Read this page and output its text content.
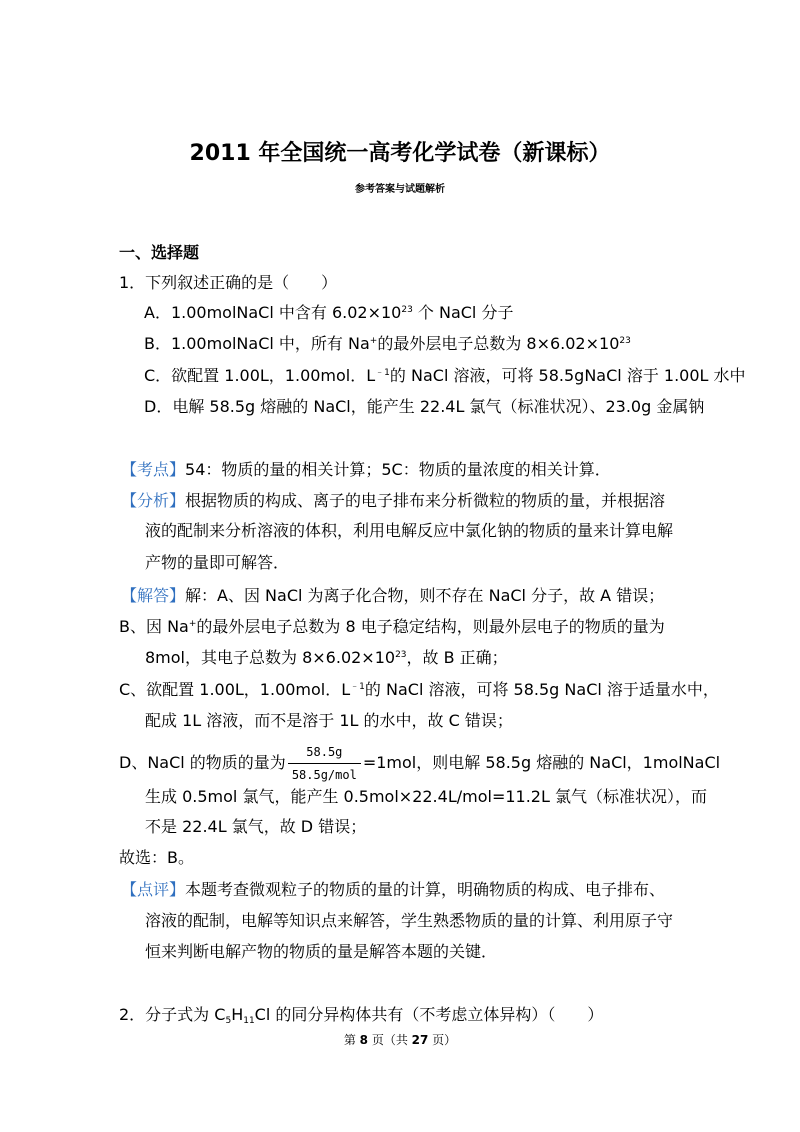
2011 年全国统一高考化学试卷（新课标）
参考答案与试题解析
一、选择题
1．下列叙述正确的是（　　）
A．1.00molNaCl 中含有 $6.02\times 10^{23}$ 个 NaCl 分子
B．1.00molNaCl 中，所有 Na+的最外层电子总数为 $8\times 6.02\times 10^{23}$
C．欲配置 1.00L，1.00mol．$L^{﹣1}$的 NaCl 溶液，可将 58.5gNaCl 溶于 1.00L 水中
D．电解 58.5g 熔融的 NaCl，能产生 22.4L 氯气（标准状况）、23.0g 金属钠
【考点】54：物质的量的相关计算；5C：物质的量浓度的相关计算．
【分析】根据物质的构成、离子的电子排布来分析微粒的物质的量，并根据溶
液的配制来分析溶液的体积，利用电解反应中氯化钠的物质的量来计算电解
产物的量即可解答．
【解答】解：A、因 NaCl 为离子化合物，则不存在 NaCl 分子，故 A 错误；
B、因 Na+的最外层电子总数为 8 电子稳定结构，则最外层电子的物质的量为
8mol，其电子总数为 $8\times 6.02\times 10^{23}$，故 B 正确；
C、欲配置 1.00L，1.00mol．$L^{﹣1}$的 NaCl 溶液，可将 58.5g NaCl 溶于适量水中，
配成 1L 溶液，而不是溶于 1L 的水中，故 C 错误；
D、NaCl 的物质的量为 $\frac{58.5g}{\text{58.5g/mol}} =1mol$，则电解 58.5g 熔融的 NaCl，1molNaCl
生成 0.5mol 氯气，能产生 0.5mol×22.4L/mol=11.2L 氯气（标准状况），而
不是 22.4L 氯气，故 D 错误；
故选：B。
【点评】本题考查微观粒子的物质的量的计算，明确物质的构成、电子排布、
溶液的配制，电解等知识点来解答，学生熟悉物质的量的计算、利用原子守
恒来判断电解产物的物质的量是解答本题的关键．
2．分子式为 $C_5H_{11}Cl$ 的同分异构体共有（不考虑立体异构）（　　）
第 8 页（共 27 页）
